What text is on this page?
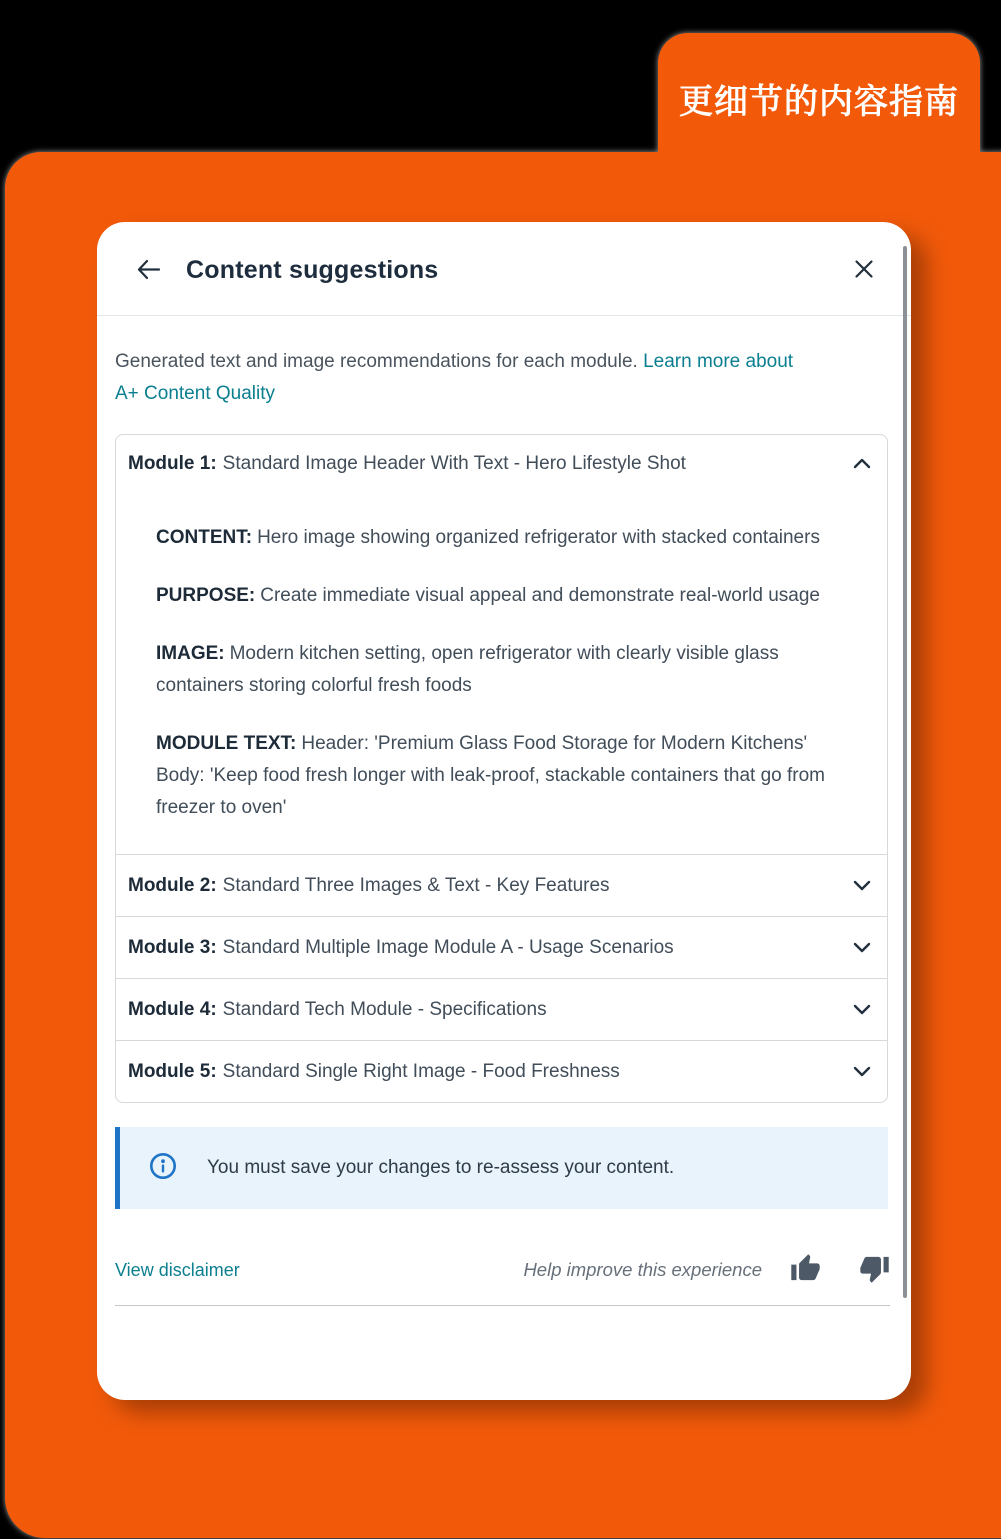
更细节的内容指南
Content suggestions

Generated text and image recommendations for each module. Learn more about A+ Content Quality

Module 1: Standard Image Header With Text - Hero Lifestyle Shot

CONTENT: Hero image showing organized refrigerator with stacked containers

PURPOSE: Create immediate visual appeal and demonstrate real-world usage

IMAGE: Modern kitchen setting, open refrigerator with clearly visible glass containers storing colorful fresh foods

MODULE TEXT: Header: 'Premium Glass Food Storage for Modern Kitchens' Body: 'Keep food fresh longer with leak-proof, stackable containers that go from freezer to oven'

Module 2: Standard Three Images & Text - Key Features
Module 3: Standard Multiple Image Module A - Usage Scenarios
Module 4: Standard Tech Module - Specifications
Module 5: Standard Single Right Image - Food Freshness

You must save your changes to re-assess your content.

View disclaimer	Help improve this experience
